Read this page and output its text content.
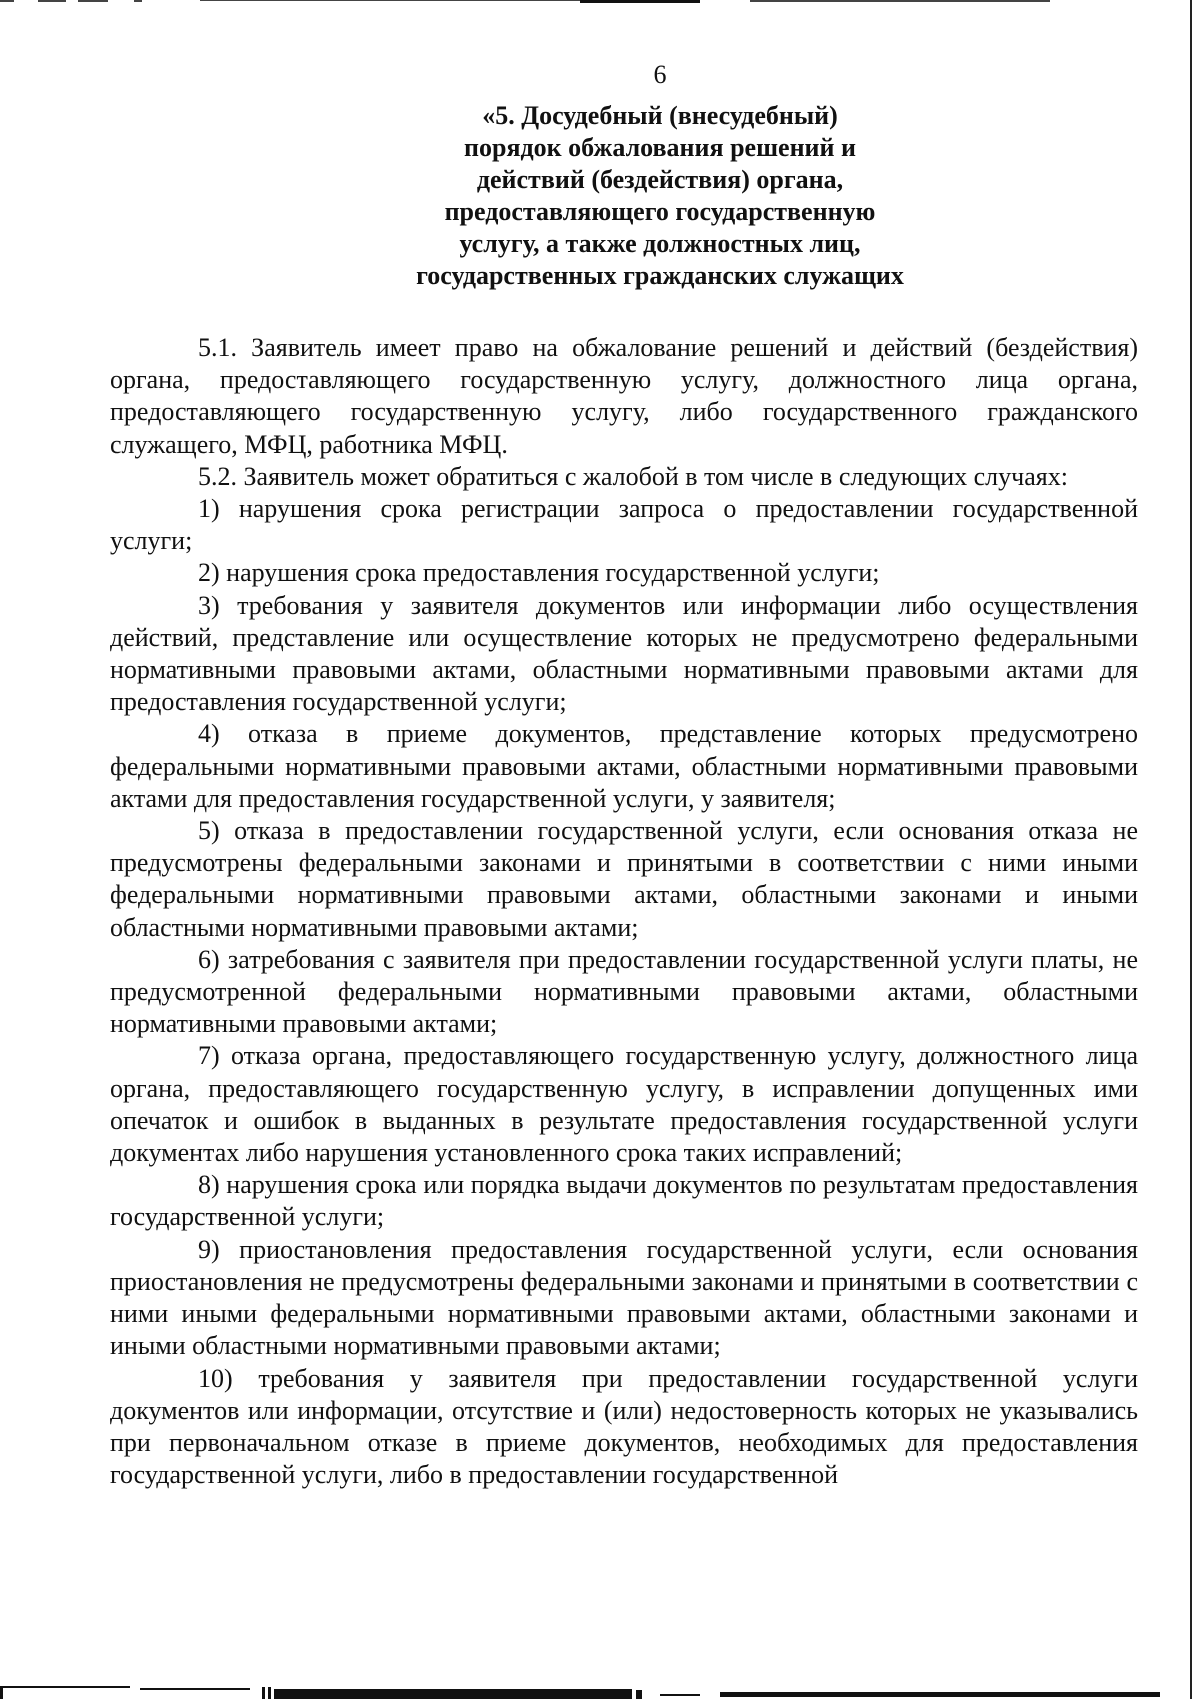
6
«5. Досудебный (внесудебный)
порядок обжалования решений и
действий (бездействия) органа,
предоставляющего государственную
услугу, а также должностных лиц,
государственных гражданских служащих

5.1. Заявитель имеет право на обжалование решений и действий (бездействия) органа, предоставляющего государственную услугу, должностного лица органа, предоставляющего государственную услугу, либо государственного гражданского служащего, МФЦ, работника МФЦ.

5.2. Заявитель может обратиться с жалобой в том числе в следующих случаях:

1) нарушения срока регистрации запроса о предоставлении государственной услуги;

2) нарушения срока предоставления государственной услуги;

3) требования у заявителя документов или информации либо осуществления действий, представление или осуществление которых не предусмотрено федеральными нормативными правовыми актами, областными нормативными правовыми актами для предоставления государственной услуги;

4) отказа в приеме документов, представление которых предусмотрено федеральными нормативными правовыми актами, областными нормативными правовыми актами для предоставления государственной услуги, у заявителя;

5) отказа в предоставлении государственной услуги, если основания отказа не предусмотрены федеральными законами и принятыми в соответствии с ними иными федеральными нормативными правовыми актами, областными законами и иными областными нормативными правовыми актами;

6) затребования с заявителя при предоставлении государственной услуги платы, не предусмотренной федеральными нормативными правовыми актами, областными нормативными правовыми актами;

7) отказа органа, предоставляющего государственную услугу, должностного лица органа, предоставляющего государственную услугу, в исправлении допущенных ими опечаток и ошибок в выданных в результате предоставления государственной услуги документах либо нарушения установленного срока таких исправлений;

8) нарушения срока или порядка выдачи документов по результатам предоставления государственной услуги;

9) приостановления предоставления государственной услуги, если основания приостановления не предусмотрены федеральными законами и принятыми в соответствии с ними иными федеральными нормативными правовыми актами, областными законами и иными областными нормативными правовыми актами;

10) требования у заявителя при предоставлении государственной услуги документов или информации, отсутствие и (или) недостоверность которых не указывались при первоначальном отказе в приеме документов, необходимых для предоставления государственной услуги, либо в предоставлении государственной
